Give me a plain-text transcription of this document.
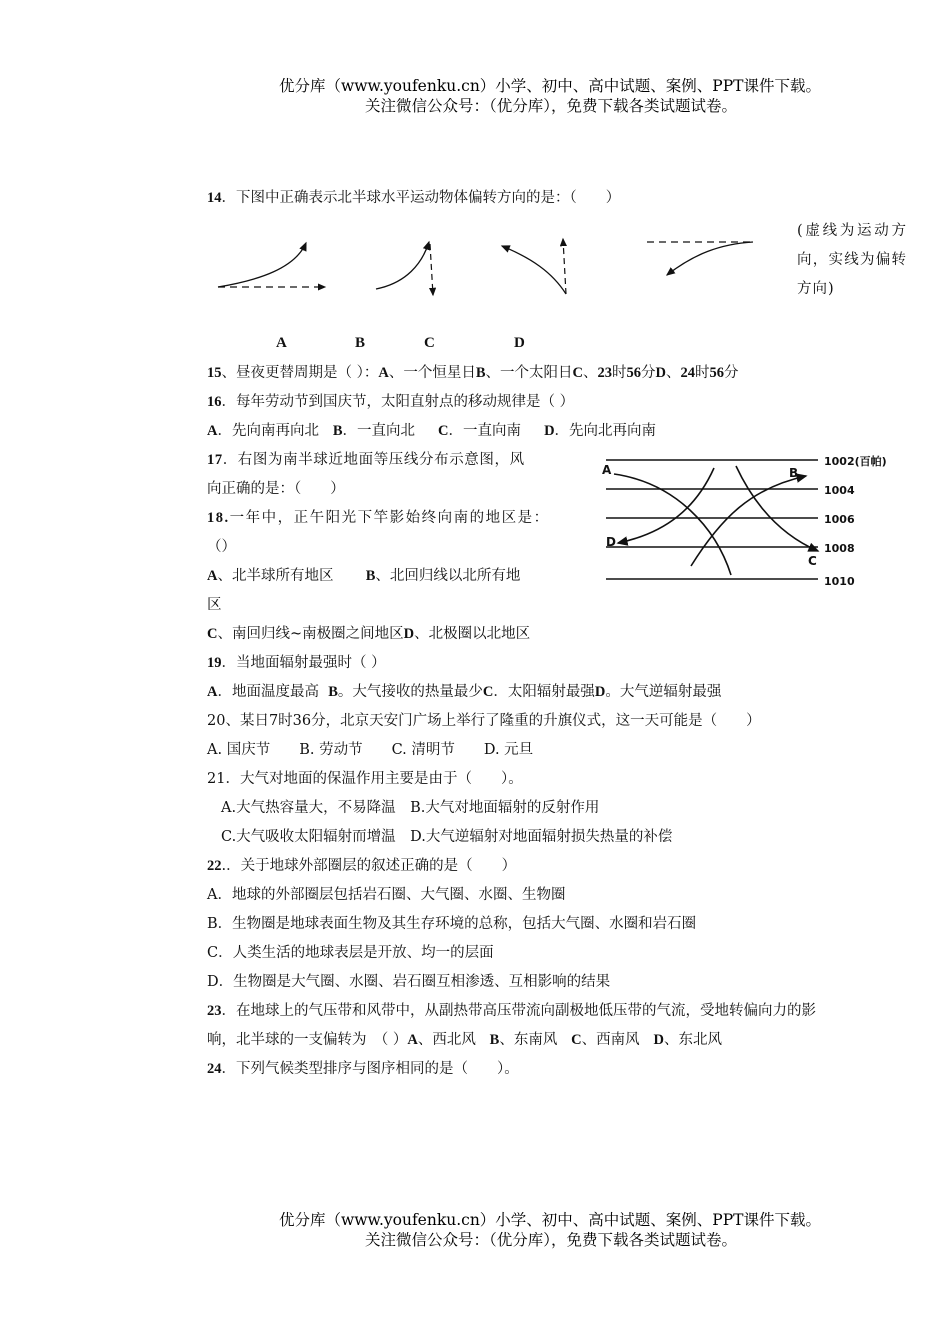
优分库（www.youfenku.cn）小学、初中、高中试题、案例、PPT课件下载。
关注微信公众号：（优分库），免费下载各类试题试卷。
14．下图中正确表示北半球水平运动物体偏转方向的是：（　　）
(虚线为运动方向，实线为偏转方向)
A	B	C	D
15、昼夜更替周期是（ ）：A、一个恒星日B、一个太阳日C、23时56分D、24时56分
16．每年劳动节到国庆节，太阳直射点的移动规律是（ ）
A．先向南再向北 B．一直向北 C．一直向南 D．先向北再向南
17．右图为南半球近地面等压线分布示意图，风
向正确的是：（　　）
1002(百帕)
1004
1006
1008
1010
A	B
C
D
18.一年中，正午阳光下竿影始终向南的地区是：
（）
A、北半球所有地区 B、北回归线以北所有地
区
C、南回归线~南极圈之间地区D、北极圈以北地区
19．当地面辐射最强时（ ）
A．地面温度最高 B。大气接收的热量最少C．太阳辐射最强D。大气逆辐射最强
20、某日7时36分，北京天安门广场上举行了隆重的升旗仪式，这一天可能是（　　）
A. 国庆节　　B. 劳动节　　C. 清明节　　D. 元旦
21．大气对地面的保温作用主要是由于（　　）。
A.大气热容量大，不易降温　B.大气对地面辐射的反射作用
C.大气吸收太阳辐射而增温　D.大气逆辐射对地面辐射损失热量的补偿
22.．关于地球外部圈层的叙述正确的是（　　）
A．地球的外部圈层包括岩石圈、大气圈、水圈、生物圈
B．生物圈是地球表面生物及其生存环境的总称，包括大气圈、水圈和岩石圈
C．人类生活的地球表层是开放、均一的层面
D．生物圈是大气圈、水圈、岩石圈互相渗透、互相影响的结果
23．在地球上的气压带和风带中，从副热带高压带流向副极地低压带的气流，受地转偏向力的影
响，北半球的一支偏转为　（ ）A、西北风 B、东南风 C、西南风 D、东北风
24．下列气候类型排序与图序相同的是（　　）。
优分库（www.youfenku.cn）小学、初中、高中试题、案例、PPT课件下载。
关注微信公众号：（优分库），免费下载各类试题试卷。
